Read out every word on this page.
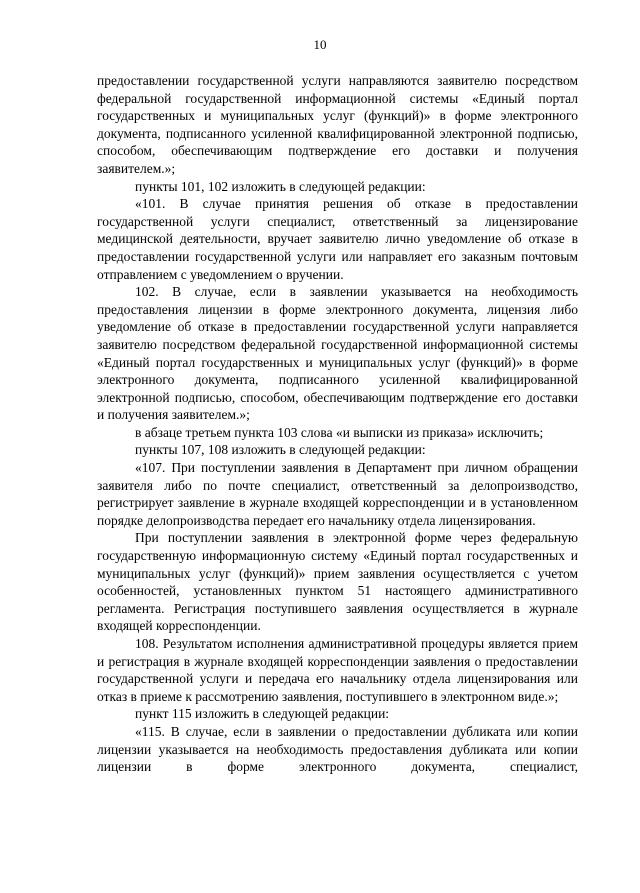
10

предоставлении государственной услуги направляются заявителю посредством федеральной государственной информационной системы «Единый портал государственных и муниципальных услуг (функций)» в форме электронного документа, подписанного усиленной квалифицированной электронной подписью, способом, обеспечивающим подтверждение его доставки и получения заявителем.»;

пункты 101, 102 изложить в следующей редакции:

«101. В случае принятия решения об отказе в предоставлении государственной услуги специалист, ответственный за лицензирование медицинской деятельности, вручает заявителю лично уведомление об отказе в предоставлении государственной услуги или направляет его заказным почтовым отправлением с уведомлением о вручении.

102. В случае, если в заявлении указывается на необходимость предоставления лицензии в форме электронного документа, лицензия либо уведомление об отказе в предоставлении государственной услуги направляется заявителю посредством федеральной государственной информационной системы «Единый портал государственных и муниципальных услуг (функций)» в форме электронного документа, подписанного усиленной квалифицированной электронной подписью, способом, обеспечивающим подтверждение его доставки и получения заявителем.»;

в абзаце третьем пункта 103 слова «и выписки из приказа» исключить;

пункты 107, 108 изложить в следующей редакции:

«107. При поступлении заявления в Департамент при личном обращении заявителя либо по почте специалист, ответственный за делопроизводство, регистрирует заявление в журнале входящей корреспонденции и в установленном порядке делопроизводства передает его начальнику отдела лицензирования.

При поступлении заявления в электронной форме через федеральную государственную информационную систему «Единый портал государственных и муниципальных услуг (функций)» прием заявления осуществляется с учетом особенностей, установленных пунктом 51 настоящего административного регламента. Регистрация поступившего заявления осуществляется в журнале входящей корреспонденции.

108. Результатом исполнения административной процедуры является прием и регистрация в журнале входящей корреспонденции заявления о предоставлении государственной услуги и передача его начальнику отдела лицензирования или отказ в приеме к рассмотрению заявления, поступившего в электронном виде.»;

пункт 115 изложить в следующей редакции:

«115. В случае, если в заявлении о предоставлении дубликата или копии лицензии указывается на необходимость предоставления дубликата или копии лицензии в форме электронного документа, специалист,
